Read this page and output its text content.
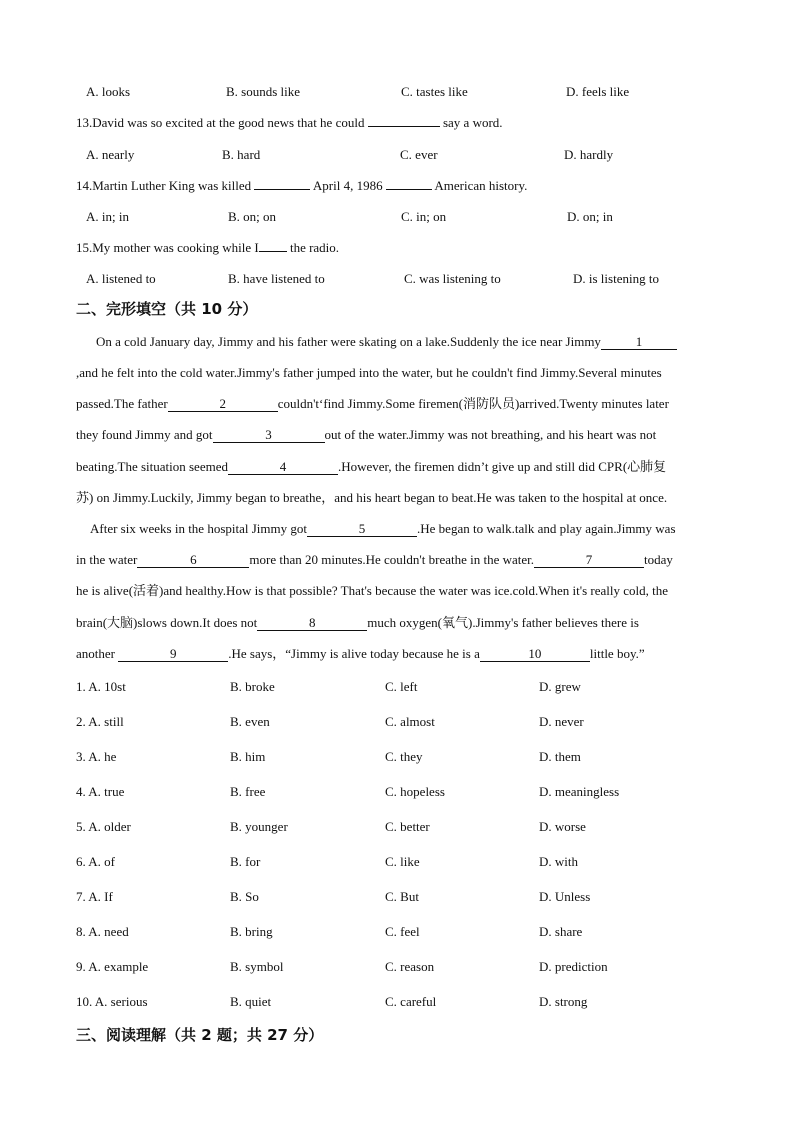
A. looks	B. sounds like	C. tastes like	D. feels like
13.David was so excited at the good news that he could	say a word.
A. nearly	B. hard	C. ever	D. hardly
14.Martin Luther King was killed	April 4, 1986	American history.
A. in; in	B. on; on	C. in; on	D. on; in
15.My mother was cooking while I the radio.
A. listened to	B. have listened to	C. was listening to	D. is listening to
二、完形填空（共 10 分）
On a cold January day, Jimmy and his father were skating on a lake.Suddenly the ice near Jimmy	1
,and he felt into the cold water.Jimmy's father jumped into the water, but he couldn't find Jimmy.Several minutes
passed.The father	2	couldn't‘find Jimmy.Some firemen(消防队员)arrived.Twenty minutes later
they found Jimmy and got	3	out of the water.Jimmy was not breathing, and his heart was not
beating.The situation seemed	4	.However, the firemen didn’t give up and still did CPR(心肺复
苏) on Jimmy.Luckily, Jimmy began to breathe，and his heart began to beat.He was taken to the hospital at once.
After six weeks in the hospital Jimmy got	5	.He began to walk.talk and play again.Jimmy was
in the water	6	more than 20 minutes.He couldn't breathe in the water.	7	today
he is alive(活着)and healthy.How is that possible? That's because the water was ice.cold.When it's really cold, the
brain(大脑)slows down.It does not	8	much oxygen(氧气).Jimmy's father believes there is
another	9	.He says，“Jimmy is alive today because he is a	10	little boy.”
1. A. 10st	B. broke	C. left	D. grew
2. A. still	B. even	C. almost	D. never
3. A. he	B. him	C. they	D. them
4. A. true	B. free	C. hopeless	D. meaningless
5. A. older	B. younger	C. better	D. worse
6. A. of	B. for	C. like	D. with
7. A. If	B. So	C. But	D. Unless
8. A. need	B. bring	C. feel	D. share
9. A. example	B. symbol	C. reason	D. prediction
10. A. serious	B. quiet	C. careful	D. strong
三、阅读理解（共 2 题；共 27 分）
